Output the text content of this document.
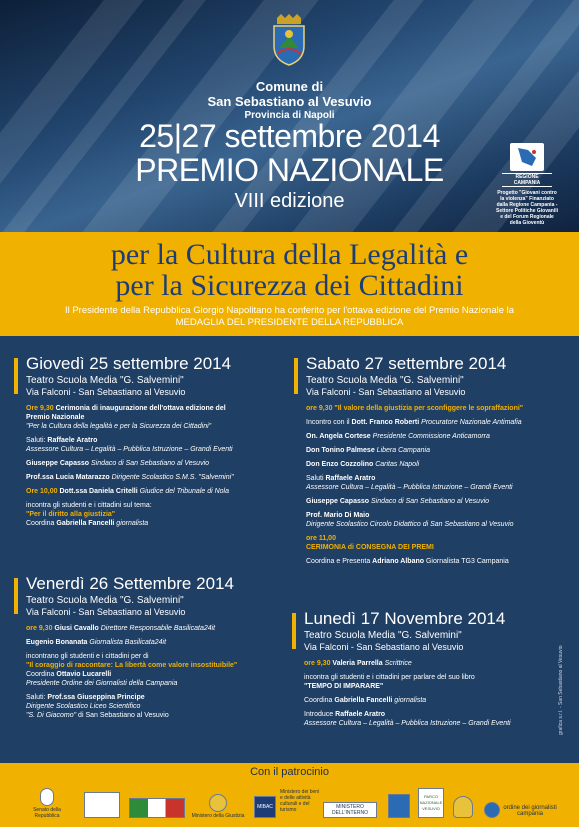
Comune di
San Sebastiano al Vesuvio
Provincia di Napoli
25|27 settembre 2014
PREMIO NAZIONALE
VIII edizione
REGIONE CAMPANIA
Progetto "Giovani contro la violenza" Finanziato dalla Regione Campania - Settore Politiche Giovanili e del Forum Regionale della Gioventù
per la Cultura della Legalità e
per la Sicurezza dei Cittadini
Il Presidente della Repubblica Giorgio Napolitano ha conferito per l'ottava edizione del Premio Nazionale la
MEDAGLIA DEL PRESIDENTE DELLA REPUBBLICA
Giovedì 25 settembre 2014
Teatro Scuola Media "G. Salvemini"
Via Falconi - San Sebastiano al Vesuvio
Ore 9,30 Cerimonia di inaugurazione dell'ottava edizione del
Premio Nazionale
"Per la Cultura della legalità e per la Sicurezza dei Cittadini"
Saluti: Raffaele Aratro
Assessore Cultura – Legalità – Pubblica Istruzione – Grandi Eventi
Giuseppe Capasso Sindaco di San Sebastiano al Vesuvio
Prof.ssa Lucia Matarazzo Dirigente Scolastico S.M.S. "Salvemini"
Ore 10,00 Dott.ssa Daniela Critelli Giudice del Tribunale di Nola
incontra gli studenti e i cittadini sul tema:
"Per il diritto alla giustizia"
Coordina Gabriella Fancelli giornalista
Sabato 27 settembre 2014
Teatro Scuola Media "G. Salvemini"
Via Falconi - San Sebastiano al Vesuvio
ore 9,30 "Il valore della giustizia per sconfiggere le sopraffazioni"
Incontro con il Dott. Franco Roberti Procuratore Nazionale Antimafia
On. Angela Cortese Presidente Commissione Anticamorra
Don Tonino Palmese Libera Campania
Don Enzo Cozzolino Caritas Napoli
Saluti Raffaele Aratro
Assessore Cultura – Legalità – Pubblica Istruzione – Grandi Eventi
Giuseppe Capasso Sindaco di San Sebastiano al Vesuvio
Prof. Mario Di Maio
Dirigente Scolastico Circolo Didattico di San Sebastiano al Vesuvio
ore 11,00
CERIMONIA di CONSEGNA DEI PREMI
Coordina e Presenta Adriano Albano Giornalista TG3 Campania
Venerdì 26 Settembre 2014
Teatro Scuola Media "G. Salvemini"
Via Falconi - San Sebastiano al Vesuvio
ore 9,30 Giusi Cavallo Direttore Responsabile Basilicata24it
Eugenio Bonanata Giornalista Basilicata24it
incontrano gli studenti e i cittadini per di
"Il coraggio di raccontare: La libertà come valore insostituibile"
Coordina Ottavio Lucarelli
Presidente Ordine dei Giornalisti della Campania
Saluti: Prof.ssa Giuseppina Principe
Dirigente Scolastico Liceo Scientifico
"S. Di Giacomo" di San Sebastiano al Vesuvio
Lunedì 17 Novembre 2014
Teatro Scuola Media "G. Salvemini"
Via Falconi - San Sebastiano al Vesuvio
ore 9,30 Valeria Parrella Scrittrice
incontra gli studenti e i cittadini per parlare del suo libro
"TEMPO DI IMPARARE"
Coordina Gabriella Fancelli giornalista
Introduce Raffaele Aratro
Assessore Cultura – Legalità – Pubblica Istruzione – Grandi Eventi	grafica s.r.l. - San Sebastiano al Vesuvio
Con il patrocinio
Senato della Repubblica	Ministero della Giustizia
MIBAC
Ministero dei beni e delle attività culturali e del turismo	MINISTERO DELL'INTERNO
PARCO NAZIONALE VESUVIO	ordine dei giornalisti campania
